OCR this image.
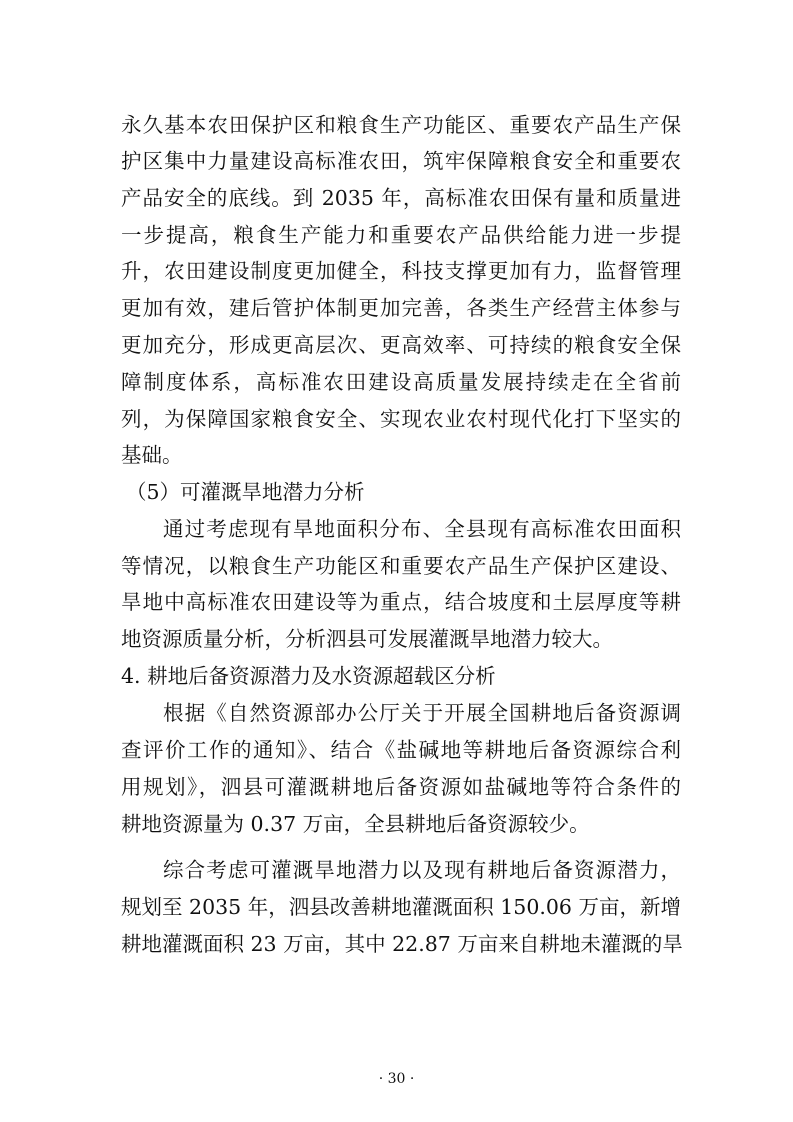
永久基本农田保护区和粮食生产功能区、重要农产品生产保
护区集中力量建设高标准农田，筑牢保障粮食安全和重要农
产品安全的底线。到 2035 年，高标准农田保有量和质量进
一步提高，粮食生产能力和重要农产品供给能力进一步提
升，农田建设制度更加健全，科技支撑更加有力，监督管理
更加有效，建后管护体制更加完善，各类生产经营主体参与
更加充分，形成更高层次、更高效率、可持续的粮食安全保
障制度体系，高标准农田建设高质量发展持续走在全省前
列，为保障国家粮食安全、实现农业农村现代化打下坚实的
基础。
（5）可灌溉旱地潜力分析
通过考虑现有旱地面积分布、全县现有高标准农田面积
等情况，以粮食生产功能区和重要农产品生产保护区建设、
旱地中高标准农田建设等为重点，结合坡度和土层厚度等耕
地资源质量分析，分析泗县可发展灌溉旱地潜力较大。
4. 耕地后备资源潜力及水资源超载区分析
根据《自然资源部办公厅关于开展全国耕地后备资源调
查评价工作的通知》、结合《盐碱地等耕地后备资源综合利
用规划》，泗县可灌溉耕地后备资源如盐碱地等符合条件的
耕地资源量为 0.37 万亩，全县耕地后备资源较少。
综合考虑可灌溉旱地潜力以及现有耕地后备资源潜力，
规划至 2035 年，泗县改善耕地灌溉面积 150.06 万亩，新增
耕地灌溉面积 23 万亩，其中 22.87 万亩来自耕地未灌溉的旱
· 30 ·
